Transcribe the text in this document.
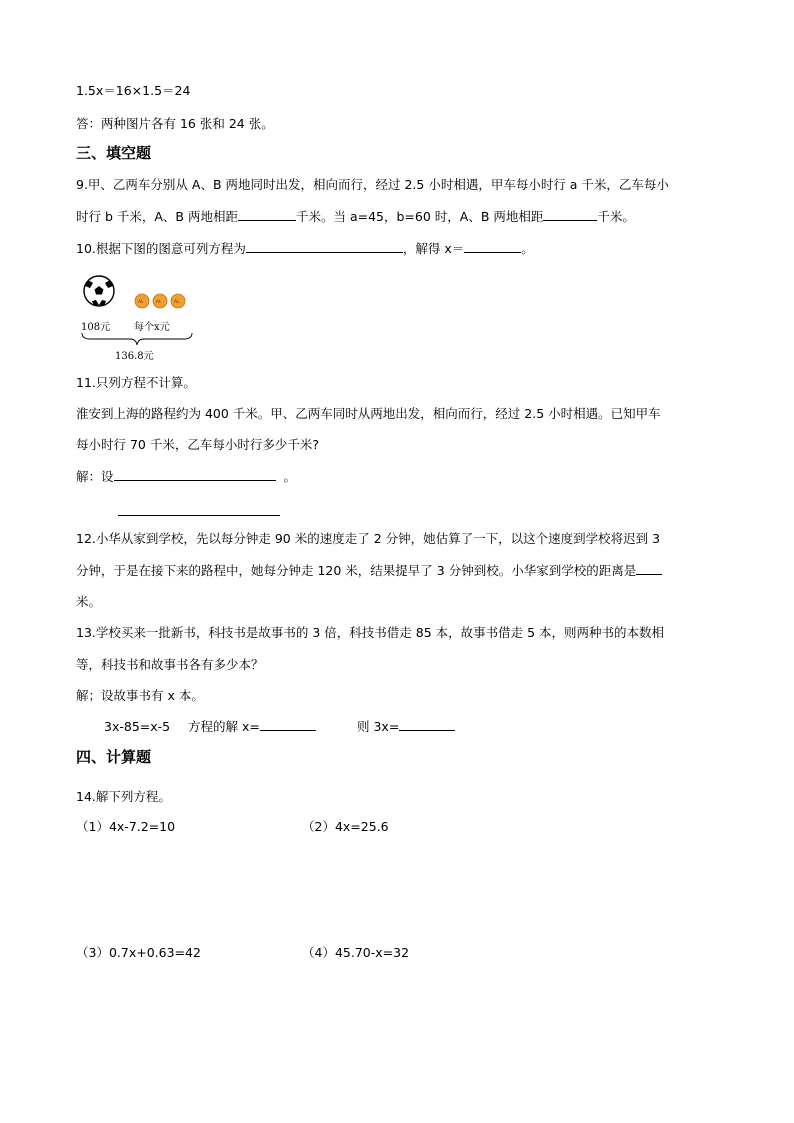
1.5x＝16×1.5＝24
答：两种图片各有 16 张和 24 张。
三、填空题
9.甲、乙两车分别从 A、B 两地同时出发，相向而行，经过 2.5 小时相遇，甲车每小时行 a 千米，乙车每小
时行 b 千米，A、B 两地相距	千米。当 a=45，b=60 时，A、B 两地相距	千米。
10.根据下图的图意可列方程为	，解得 x＝	。
AL	AL	AL
108元 每个x元
136.8元
11.只列方程不计算。
淮安到上海的路程约为 400 千米。甲、乙两车同时从两地出发，相向而行，经过 2.5 小时相遇。已知甲车
每小时行 70 千米，乙车每小时行多少千米?
解：设	。
12.小华从家到学校，先以每分钟走 90 米的速度走了 2 分钟，她估算了一下，以这个速度到学校将迟到 3
分钟，于是在接下来的路程中，她每分钟走 120 米，结果提早了 3 分钟到校。小华家到学校的距离是
米。
13.学校买来一批新书，科技书是故事书的 3 倍，科技书借走 85 本，故事书借走 5 本，则两种书的本数相
等，科技书和故事书各有多少本？
解；设故事书有 x 本。
3x-85=x-5 方程的解 x=	则 3x=
四、计算题
14.解下列方程。
（1）4x-7.2=10	（2）4x=25.6
（3）0.7x+0.63=42	（4）45.70-x=32
